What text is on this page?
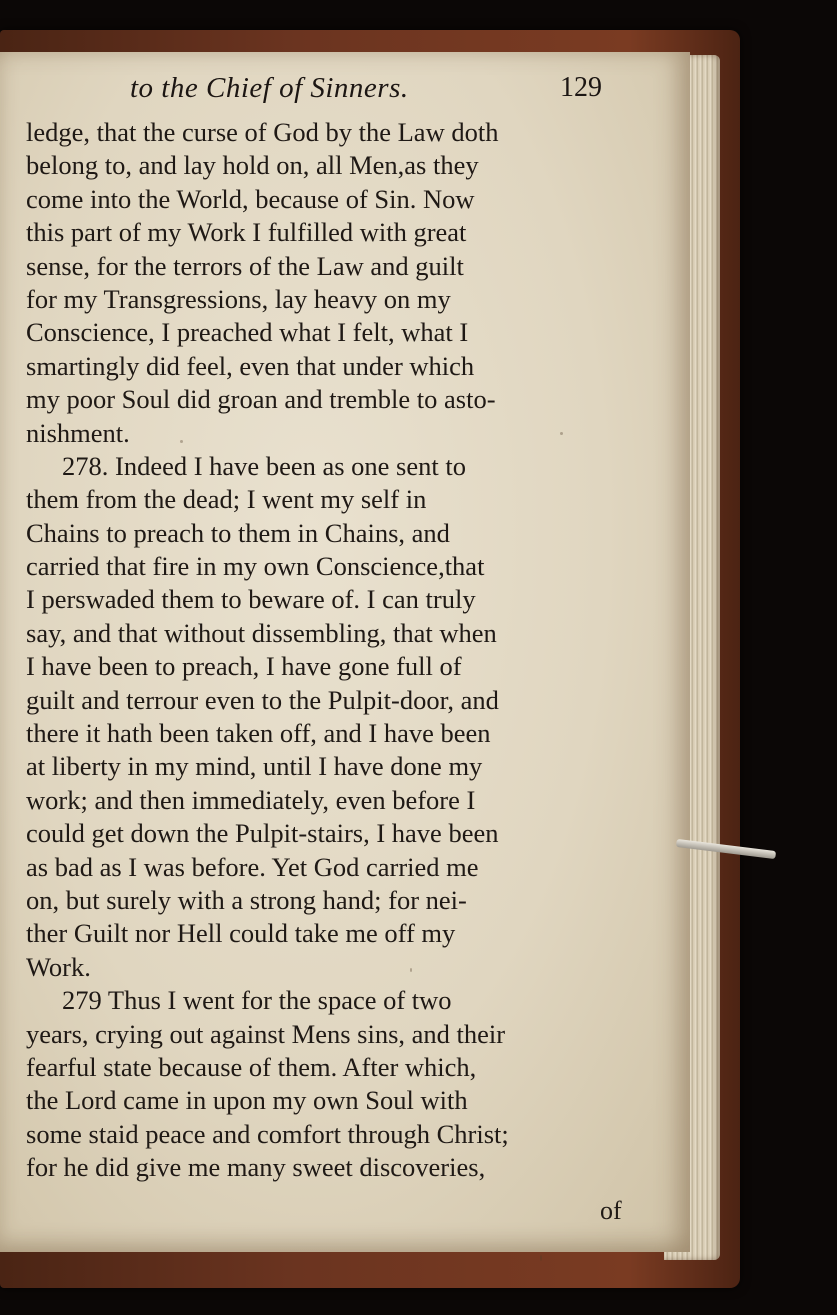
to the Chief of Sinners.	129
ledge, that the curse of God by the Law doth
belong to, and lay hold on, all Men,as they
come into the World, because of Sin. Now
this part of my Work I fulfilled with great
sense, for the terrors of the Law and guilt
for my Transgressions, lay heavy on my
Conscience, I preached what I felt, what I
smartingly did feel, even that under which
my poor Soul did groan and tremble to asto-
nishment.
278. Indeed I have been as one sent to
them from the dead; I went my self in
Chains to preach to them in Chains, and
carried that fire in my own Conscience,that
I perswaded them to beware of. I can truly
say, and that without dissembling, that when
I have been to preach, I have gone full of
guilt and terrour even to the Pulpit-door, and
there it hath been taken off, and I have been
at liberty in my mind, until I have done my
work; and then immediately, even before I
could get down the Pulpit-stairs, I have been
as bad as I was before. Yet God carried me
on, but surely with a strong hand; for nei-
ther Guilt nor Hell could take me off my
Work.
279 Thus I went for the space of two
years, crying out against Mens sins, and their
fearful state because of them. After which,
the Lord came in upon my own Soul with
some staid peace and comfort through Christ;
for he did give me many sweet discoveries,
of
